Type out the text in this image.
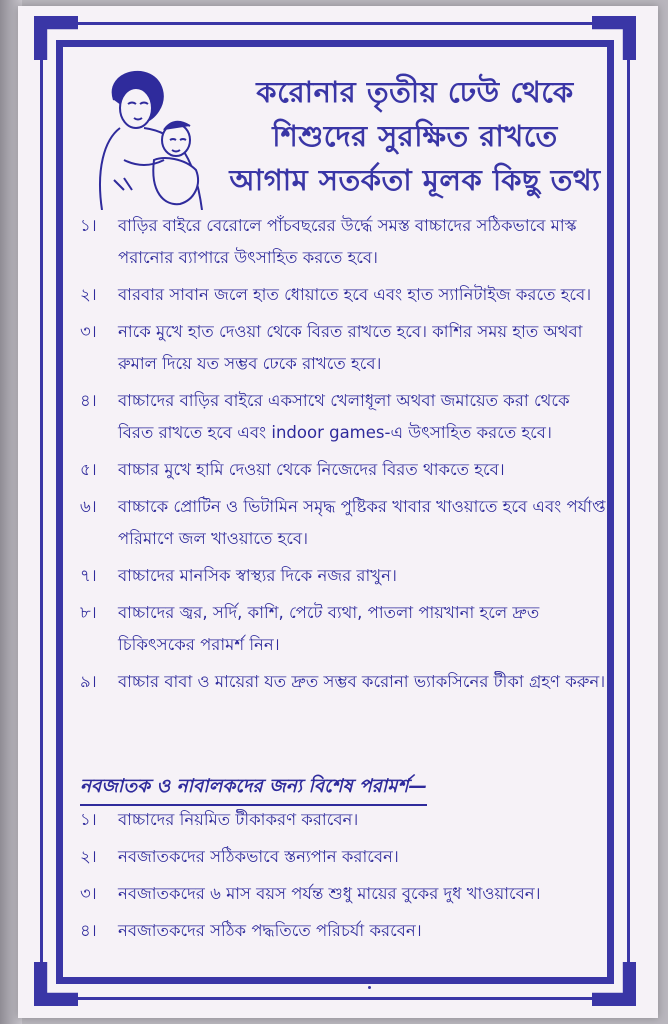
করোনার তৃতীয় ঢেউ থেকে
শিশুদের সুরক্ষিত রাখতে
আগাম সতর্কতা মূলক কিছু তথ্য
১।	বাড়ির বাইরে বেরোলে পাঁচবছরের উর্দ্ধে সমস্ত বাচ্চাদের সঠিকভাবে মাস্ক পরানোর ব্যাপারে উৎসাহিত করতে হবে।
২।	বারবার সাবান জলে হাত ধোয়াতে হবে এবং হাত স্যানিটাইজ করতে হবে।
৩।	নাকে মুখে হাত দেওয়া থেকে বিরত রাখতে হবে। কাশির সময় হাত অথবা রুমাল দিয়ে যত সম্ভব ঢেকে রাখতে হবে।
৪।	বাচ্চাদের বাড়ির বাইরে একসাথে খেলাধূলা অথবা জমায়েত করা থেকে বিরত রাখতে হবে এবং indoor games-এ উৎসাহিত করতে হবে।
৫।	বাচ্চার মুখে হামি দেওয়া থেকে নিজেদের বিরত থাকতে হবে।
৬।	বাচ্চাকে প্রোটিন ও ভিটামিন সমৃদ্ধ পুষ্টিকর খাবার খাওয়াতে হবে এবং পর্যাপ্ত পরিমাণে জল খাওয়াতে হবে।
৭।	বাচ্চাদের মানসিক স্বাস্থ্যর দিকে নজর রাখুন।
৮।	বাচ্চাদের জ্বর, সর্দি, কাশি, পেটে ব্যথা, পাতলা পায়খানা হলে দ্রুত চিকিৎসকের পরামর্শ নিন।
৯।	বাচ্চার বাবা ও মায়েরা যত দ্রুত সম্ভব করোনা ভ্যাকসিনের টীকা গ্রহণ করুন।
নবজাতক ও নাবালকদের জন্য বিশেষ পরামর্শ—
১।	বাচ্চাদের নিয়মিত টীকাকরণ করাবেন।
২।	নবজাতকদের সঠিকভাবে স্তন্যপান করাবেন।
৩।	নবজাতকদের ৬ মাস বয়স পর্যন্ত শুধু মায়ের বুকের দুধ খাওয়াবেন।
৪।	নবজাতকদের সঠিক পদ্ধতিতে পরিচর্যা করবেন।
